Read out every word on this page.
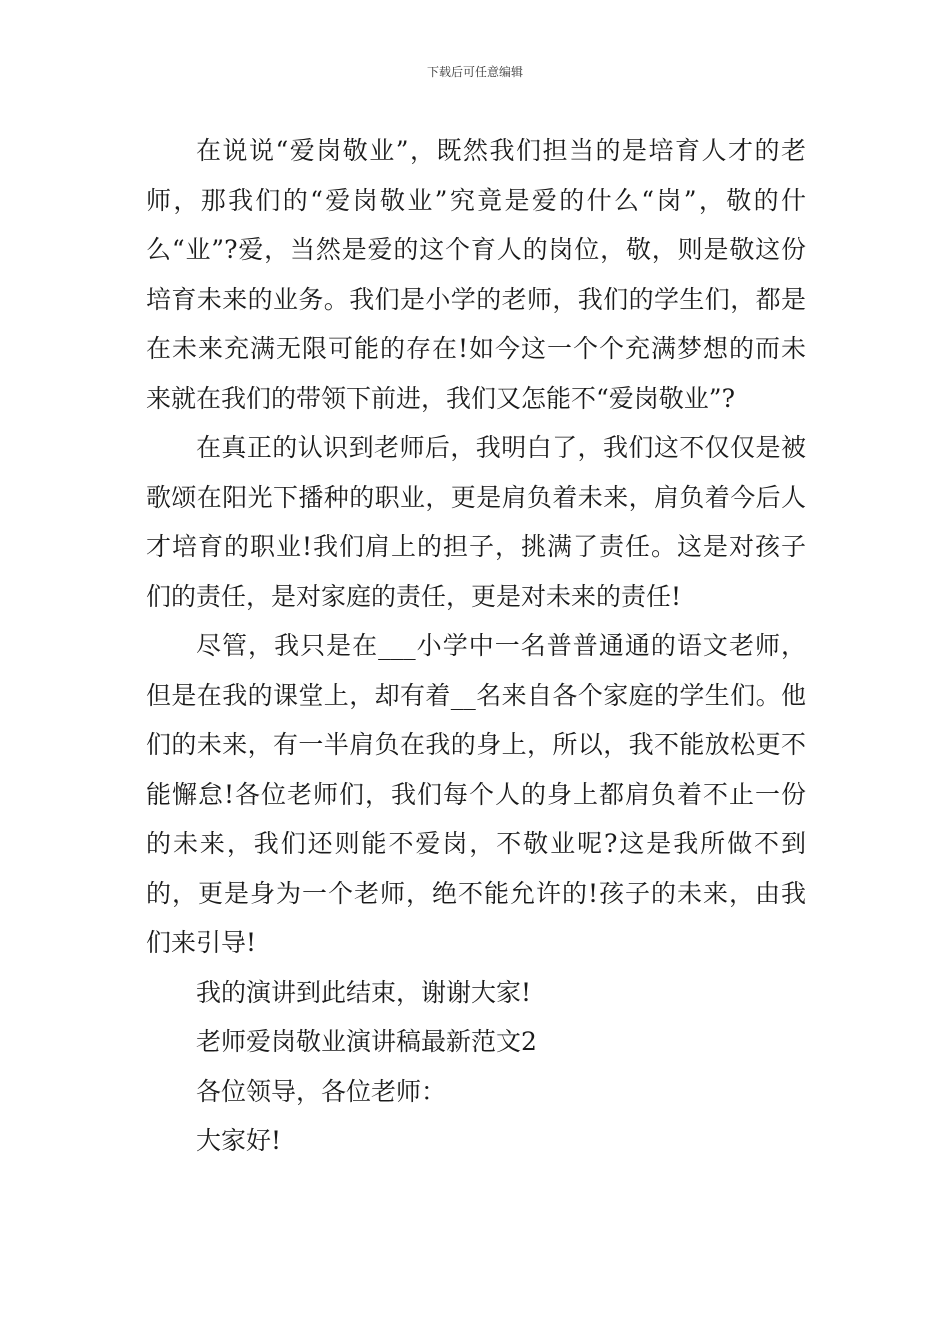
下载后可任意编辑

在说说“爱岗敬业”，既然我们担当的是培育人才的老师，那我们的“爱岗敬业”究竟是爱的什么“岗”，敬的什么“业”?爱，当然是爱的这个育人的岗位，敬，则是敬这份培育未来的业务。我们是小学的老师，我们的学生们，都是在未来充满无限可能的存在!如今这一个个充满梦想的而未来就在我们的带领下前进，我们又怎能不“爱岗敬业”?

在真正的认识到老师后，我明白了，我们这不仅仅是被歌颂在阳光下播种的职业，更是肩负着未来，肩负着今后人才培育的职业!我们肩上的担子，挑满了责任。这是对孩子们的责任，是对家庭的责任，更是对未来的责任!

尽管，我只是在___小学中一名普普通通的语文老师，但是在我的课堂上，却有着__名来自各个家庭的学生们。他们的未来，有一半肩负在我的身上，所以，我不能放松更不能懈怠!各位老师们，我们每个人的身上都肩负着不止一份的未来，我们还则能不爱岗，不敬业呢?这是我所做不到的，更是身为一个老师，绝不能允许的!孩子的未来，由我们来引导!

我的演讲到此结束，谢谢大家!

老师爱岗敬业演讲稿最新范文2

各位领导，各位老师：

大家好!
